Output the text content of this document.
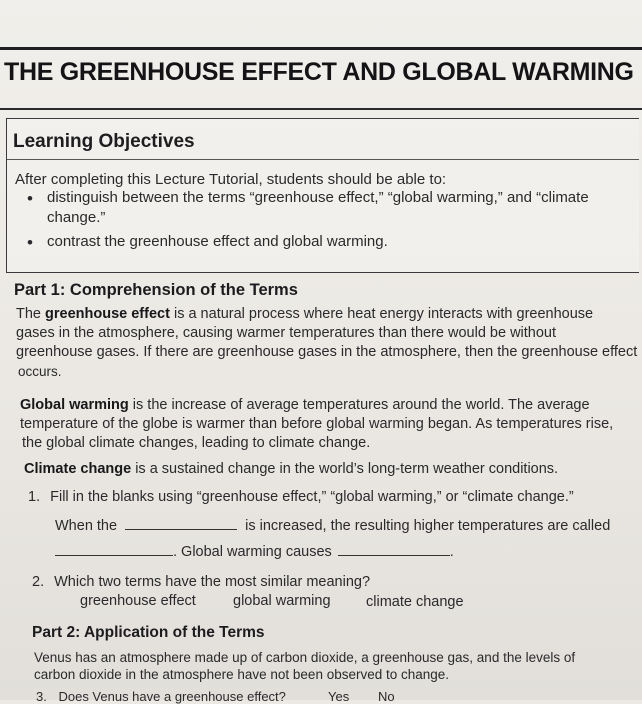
THE GREENHOUSE EFFECT AND GLOBAL WARMING
Learning Objectives
After completing this Lecture Tutorial, students should be able to:
• distinguish between the terms “greenhouse effect,” “global warming,” and “climate
change.”
• contrast the greenhouse effect and global warming.
Part 1: Comprehension of the Terms
The greenhouse effect is a natural process where heat energy interacts with greenhouse
gases in the atmosphere, causing warmer temperatures than there would be without
greenhouse gases. If there are greenhouse gases in the atmosphere, then the greenhouse effect
occurs.
Global warming is the increase of average temperatures around the world. The average
temperature of the globe is warmer than before global warming began. As temperatures rise,
the global climate changes, leading to climate change.
Climate change is a sustained change in the world’s long-term weather conditions.
1. Fill in the blanks using “greenhouse effect,” “global warming,” or “climate change.”
When the	is increased, the resulting higher temperatures are called
. Global warming causes	.
2. Which two terms have the most similar meaning?
greenhouse effect	global warming climate change
Part 2: Application of the Terms
Venus has an atmosphere made up of carbon dioxide, a greenhouse gas, and the levels of
carbon dioxide in the atmosphere have not been observed to change.
3. Does Venus have a greenhouse effect?	Yes No
